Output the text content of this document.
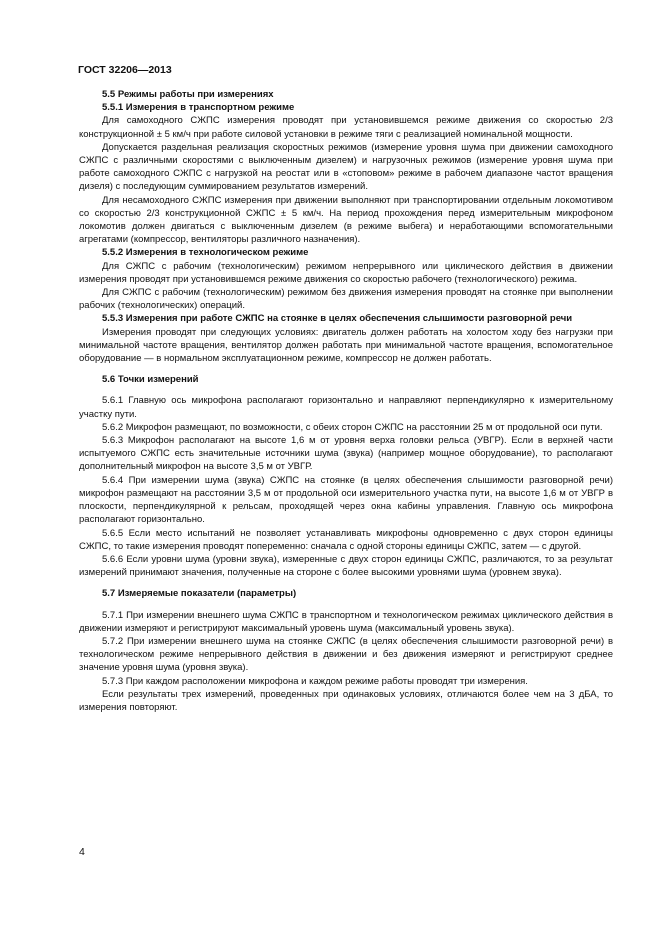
ГОСТ 32206—2013

5.5 Режимы работы при измерениях

5.5.1 Измерения в транспортном режиме

Для самоходного СЖПС измерения проводят при установившемся режиме движения со скоростью 2/3 конструкционной ± 5 км/ч при работе силовой установки в режиме тяги с реализацией номинальной мощности.

Допускается раздельная реализация скоростных режимов (измерение уровня шума при движении самоходного СЖПС с различными скоростями с выключенным дизелем) и нагрузочных режимов (измерение уровня шума при работе самоходного СЖПС с нагрузкой на реостат или в «стоповом» режиме в рабочем диапазоне частот вращения дизеля) с последующим суммированием результатов измерений.

Для несамоходного СЖПС измерения при движении выполняют при транспортировании отдельным локомотивом со скоростью 2/3 конструкционной СЖПС ± 5 км/ч. На период прохождения перед измерительным микрофоном локомотив должен двигаться с выключенным дизелем (в режиме выбега) и неработающими вспомогательными агрегатами (компрессор, вентиляторы различного назначения).

5.5.2 Измерения в технологическом режиме

Для СЖПС с рабочим (технологическим) режимом непрерывного или циклического действия в движении измерения проводят при установившемся режиме движения со скоростью рабочего (технологического) режима.

Для СЖПС с рабочим (технологическим) режимом без движения измерения проводят на стоянке при выполнении рабочих (технологических) операций.

5.5.3 Измерения при работе СЖПС на стоянке в целях обеспечения слышимости разговорной речи

Измерения проводят при следующих условиях: двигатель должен работать на холостом ходу без нагрузки при минимальной частоте вращения, вентилятор должен работать при минимальной частоте вращения, вспомогательное оборудование — в нормальном эксплуатационном режиме, компрессор не должен работать.

5.6 Точки измерений

5.6.1 Главную ось микрофона располагают горизонтально и направляют перпендикулярно к измерительному участку пути.

5.6.2 Микрофон размещают, по возможности, с обеих сторон СЖПС на расстоянии 25 м от продольной оси пути.

5.6.3 Микрофон располагают на высоте 1,6 м от уровня верха головки рельса (УВГР). Если в верхней части испытуемого СЖПС есть значительные источники шума (звука) (например мощное оборудование), то располагают дополнительный микрофон на высоте 3,5 м от УВГР.

5.6.4 При измерении шума (звука) СЖПС на стоянке (в целях обеспечения слышимости разговорной речи) микрофон размещают на расстоянии 3,5 м от продольной оси измерительного участка пути, на высоте 1,6 м от УВГР в плоскости, перпендикулярной к рельсам, проходящей через окна кабины управления. Главную ось микрофона располагают горизонтально.

5.6.5 Если место испытаний не позволяет устанавливать микрофоны одновременно с двух сторон единицы СЖПС, то такие измерения проводят попеременно: сначала с одной стороны единицы СЖПС, затем — с другой.

5.6.6 Если уровни шума (уровни звука), измеренные с двух сторон единицы СЖПС, различаются, то за результат измерений принимают значения, полученные на стороне с более высокими уровнями шума (уровнем звука).

5.7 Измеряемые показатели (параметры)

5.7.1 При измерении внешнего шума СЖПС в транспортном и технологическом режимах циклического действия в движении измеряют и регистрируют максимальный уровень шума (максимальный уровень звука).

5.7.2 При измерении внешнего шума на стоянке СЖПС (в целях обеспечения слышимости разговорной речи) в технологическом режиме непрерывного действия в движении и без движения измеряют и регистрируют среднее значение уровня шума (уровня звука).

5.7.3 При каждом расположении микрофона и каждом режиме работы проводят три измерения.

Если результаты трех измерений, проведенных при одинаковых условиях, отличаются более чем на 3 дБА, то измерения повторяют.

4
